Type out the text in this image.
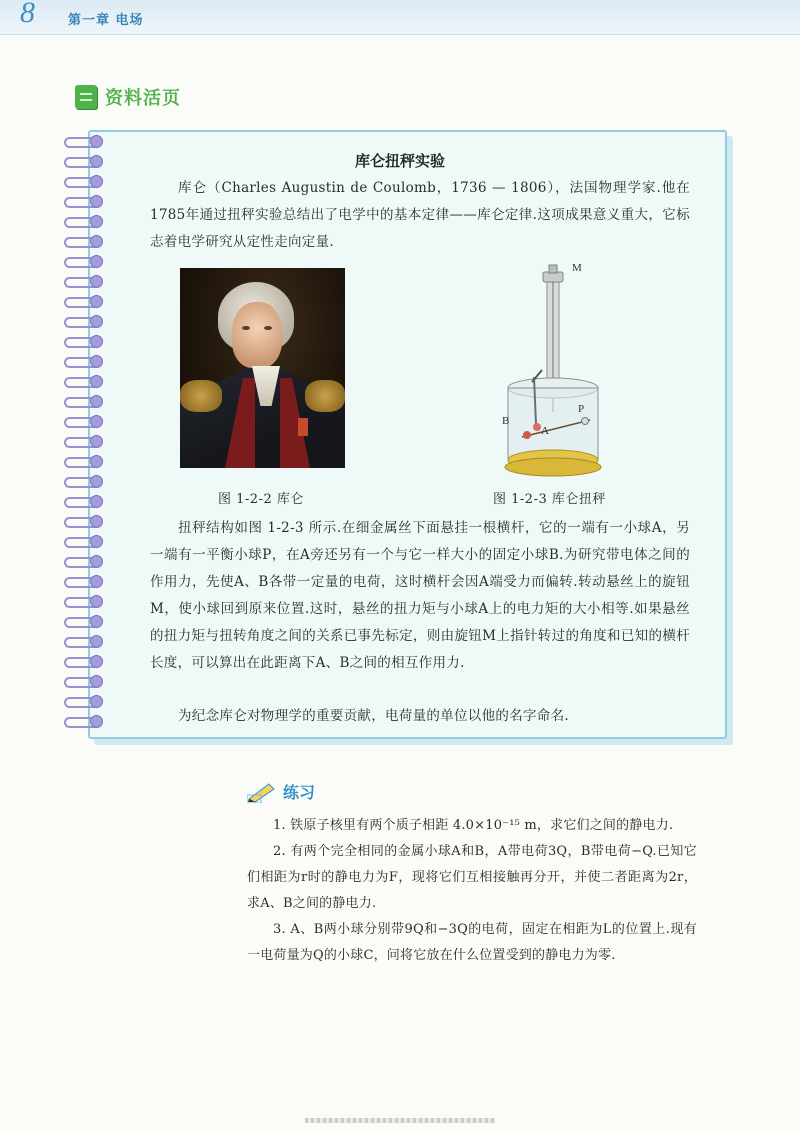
8	第一章 电场
资料活页
库仑扭秤实验
库仑（Charles Augustin de Coulomb，1736 — 1806），法国物理学家.他在1785年通过扭秤实验总结出了电学中的基本定律——库仑定律.这项成果意义重大，它标志着电学研究从定性走向定量.
M
B
A
P
图 1-2-2 库仑	图 1-2-3 库仑扭秤
扭秤结构如图 1-2-3 所示.在细金属丝下面悬挂一根横杆，它的一端有一小球A，另一端有一平衡小球P，在A旁还另有一个与它一样大小的固定小球B.为研究带电体之间的作用力，先使A、B各带一定量的电荷，这时横杆会因A端受力而偏转.转动悬丝上的旋钮M，使小球回到原来位置.这时，悬丝的扭力矩与小球A上的电力矩的大小相等.如果悬丝的扭力矩与扭转角度之间的关系已事先标定，则由旋钮M上指针转过的角度和已知的横杆长度，可以算出在此距离下A、B之间的相互作用力.
为纪念库仑对物理学的重要贡献，电荷量的单位以他的名字命名.
练习

1. 铁原子核里有两个质子相距 4.0×10⁻¹⁵ m，求它们之间的静电力.

2. 有两个完全相同的金属小球A和B，A带电荷3Q，B带电荷−Q.已知它们相距为r时的静电力为F，现将它们互相接触再分开，并使二者距离为2r，求A、B之间的静电力.

3. A、B两小球分别带9Q和−3Q的电荷，固定在相距为L的位置上.现有一电荷量为Q的小球C，问将它放在什么位置受到的静电力为零.
